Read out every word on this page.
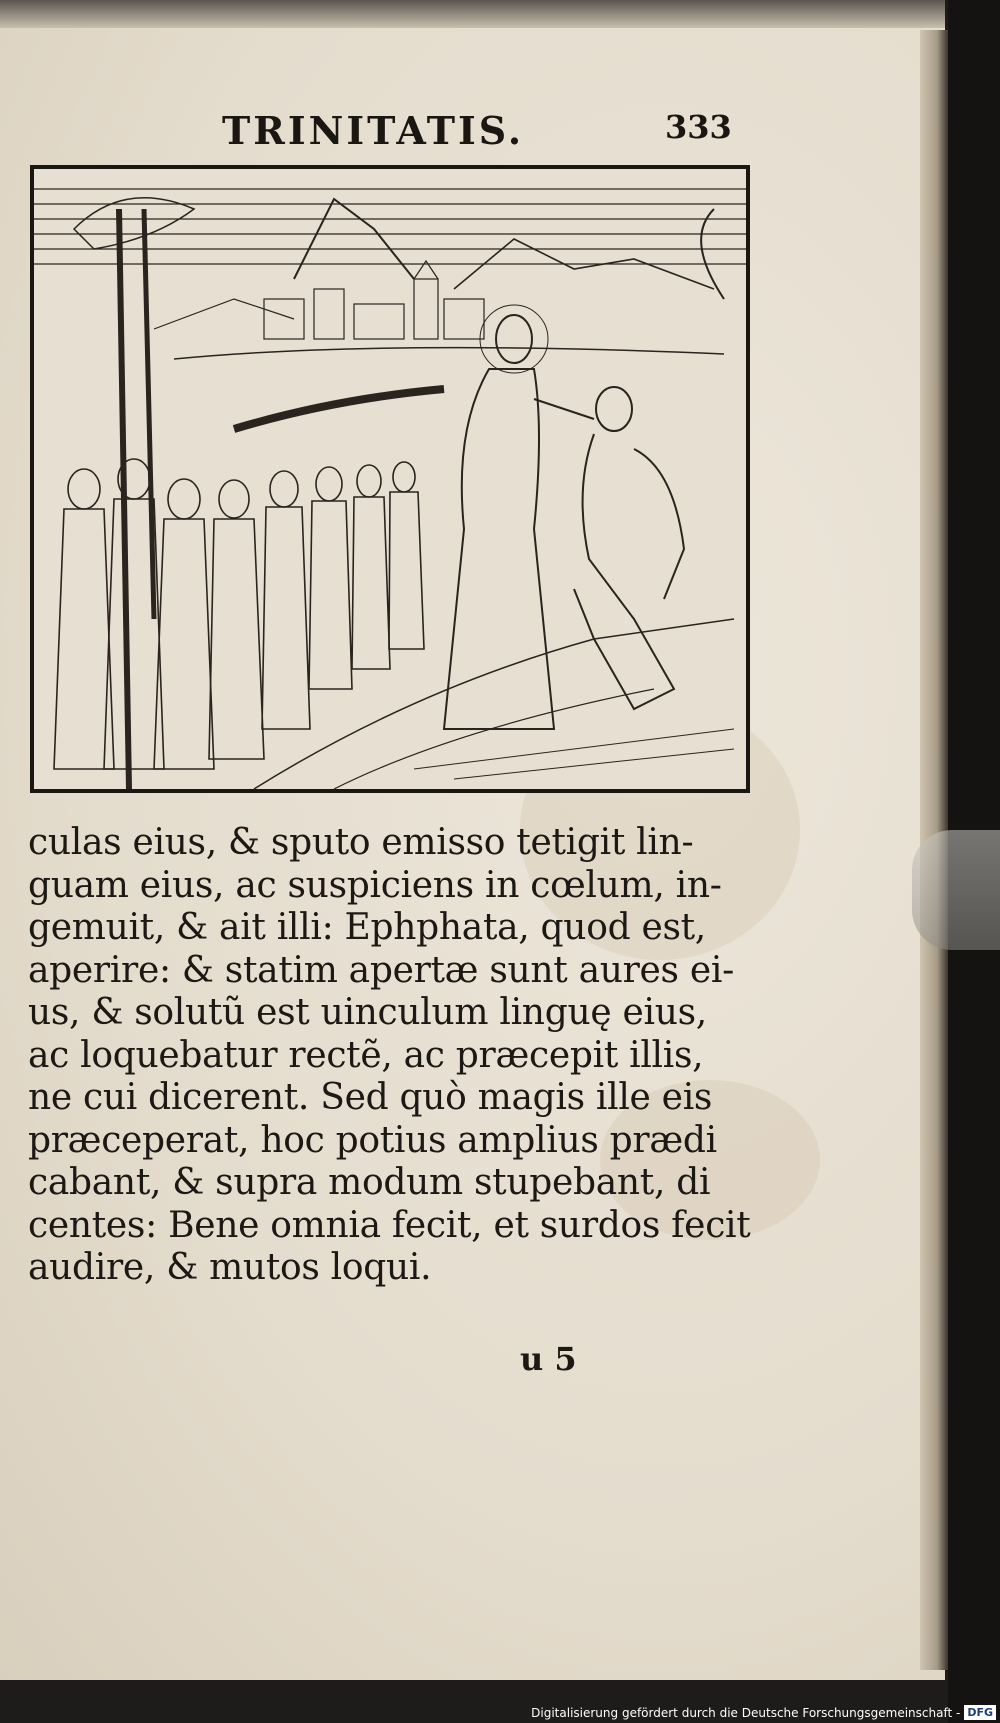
TRINITATIS.	333
culas eius, & sputo emisso tetigit lin-
guam eius, ac suspiciens in cœlum, in-
gemuit, & ait illi: Ephphata, quod est,
aperire: & statim apertæ sunt aures ei-
us, & solutũ est uinculum linguę eius,
ac loquebatur rectẽ, ac præcepit illis,
ne cui dicerent. Sed quò magis ille eis
præceperat, hoc potius amplius prædi
cabant, & supra modum stupebant, di
centes: Bene omnia fecit, et surdos fecit
audire, & mutos loqui.
u 5
Digitalisierung gefördert durch die Deutsche Forschungsgemeinschaft - DFG
